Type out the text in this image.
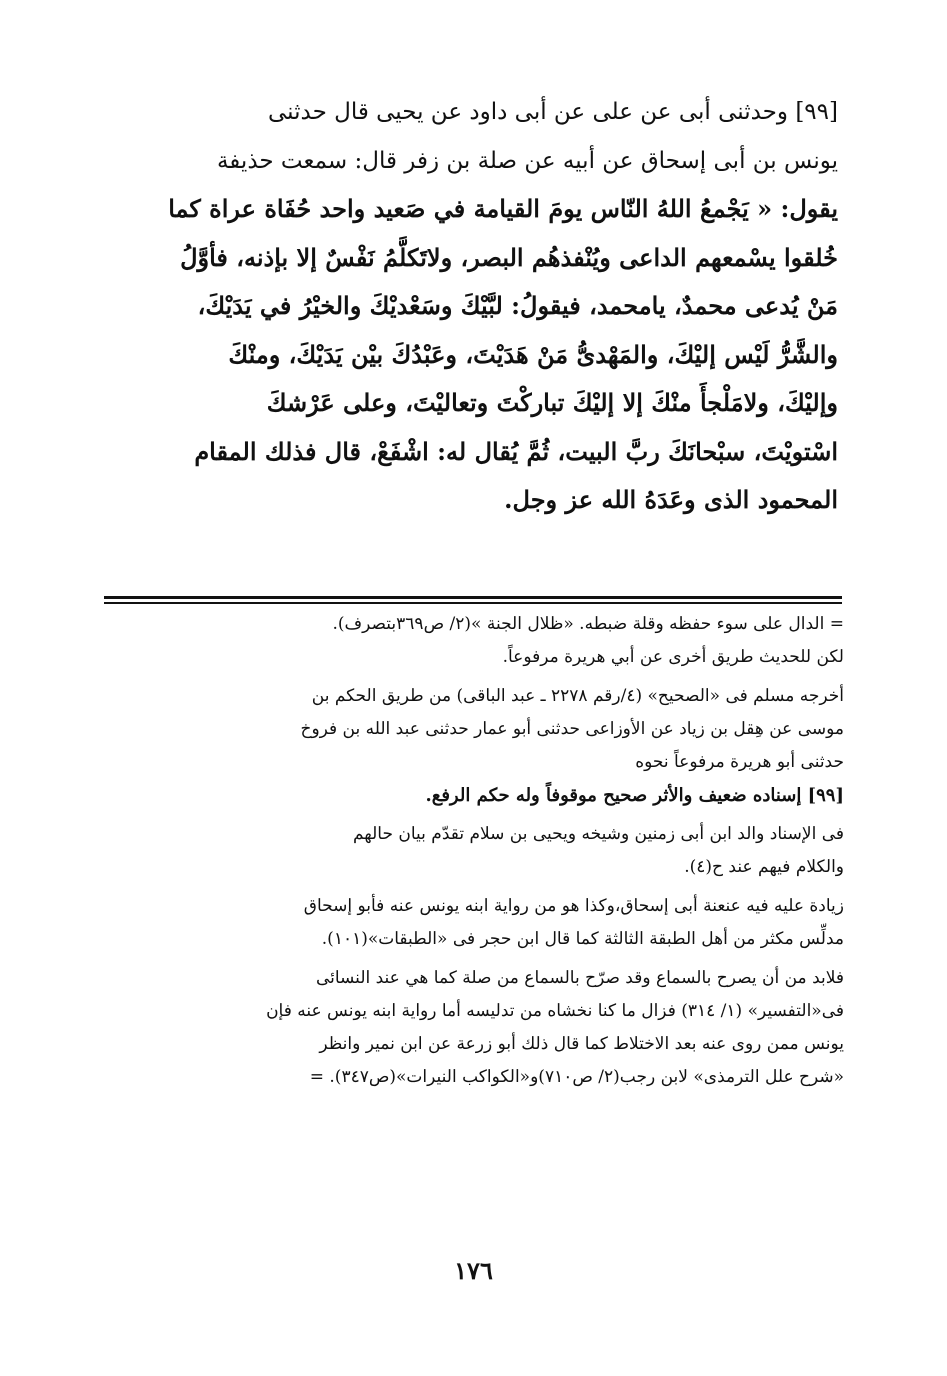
[٩٩] وحدثنى أبى عن على عن أبى داود عن يحيى قال حدثنى
يونس بن أبى إسحاق عن أبيه عن صلة بن زفر قال: سمعت حذيفة
يقول: « يَجْمعُ اللهُ النّاس يومَ القيامة في صَعيد واحد حُفَاة عراة كما
خُلقوا يسْمعهم الداعى ويُنْفذهُم البصر، ولاتَكلَّمُ نَفْسٌ إلا بإذنه، فأوَّلُ
مَنْ يُدعى محمدٌ، يامحمد، فيقولُ: لبَّيْكَ وسَعْديْكَ والخيْرُ في يَدَيْكَ،
والشَّرُّ لَيْس إليْكَ، والمَهْدىُّ مَنْ هَدَيْتَ، وعَبْدُكَ بيْن يَدَيْكَ، ومنْكَ
وإليْكَ، ولامَلْجأَ منْكَ إلا إليْكَ تباركْتَ وتعاليْتَ، وعلى عَرْشكَ
اسْتويْتَ، سبْحانَكَ ربَّ البيت، ثُمَّ يُقال له: اشْفَعْ، قال فذلك المقام
المحمود الذى وعَدَهُ الله عز وجل.
= الدال على سوء حفظه وقلة ضبطه. «ظلال الجنة »(٢/ ص٣٦٩بتصرف).
لكن للحديث طريق أخرى عن أبي هريرة مرفوعاً.
أخرجه مسلم فى «الصحيح» (٤/رقم ٢٢٧٨ ـ عبد الباقى) من طريق الحكم بن
موسى عن هِقل بن زياد عن الأوزاعى حدثنى أبو عمار حدثنى عبد الله بن فروخ
حدثنى أبو هريرة مرفوعاً نحوه
[٩٩] إسناده ضعيف والأثر صحيح موقوفاً وله حكم الرفع.
فى الإسناد والد ابن أبى زمنين وشيخه ويحيى بن سلام تقدّم بيان حالهم
والكلام فيهم عند ح(٤).
زيادة عليه فيه عنعنة أبى إسحاق،وكذا هو من رواية ابنه يونس عنه فأبو إسحاق
مدلِّس مكثر من أهل الطبقة الثالثة كما قال ابن حجر فى «الطبقات»(١٠١).
فلابد من أن يصرح بالسماع وقد صرّح بالسماع من صلة كما هي عند النسائى
فى«التفسير» (١/ ٣١٤) فزال ما كنا نخشاه من تدليسه أما رواية ابنه يونس عنه فإن
يونس ممن روى عنه بعد الاختلاط كما قال ذلك أبو زرعة عن ابن نمير وانظر
«شرح علل الترمذى» لابن رجب(٢/ ص٧١٠)و«الكواكب النيرات»(ص٣٤٧). =
١٧٦
